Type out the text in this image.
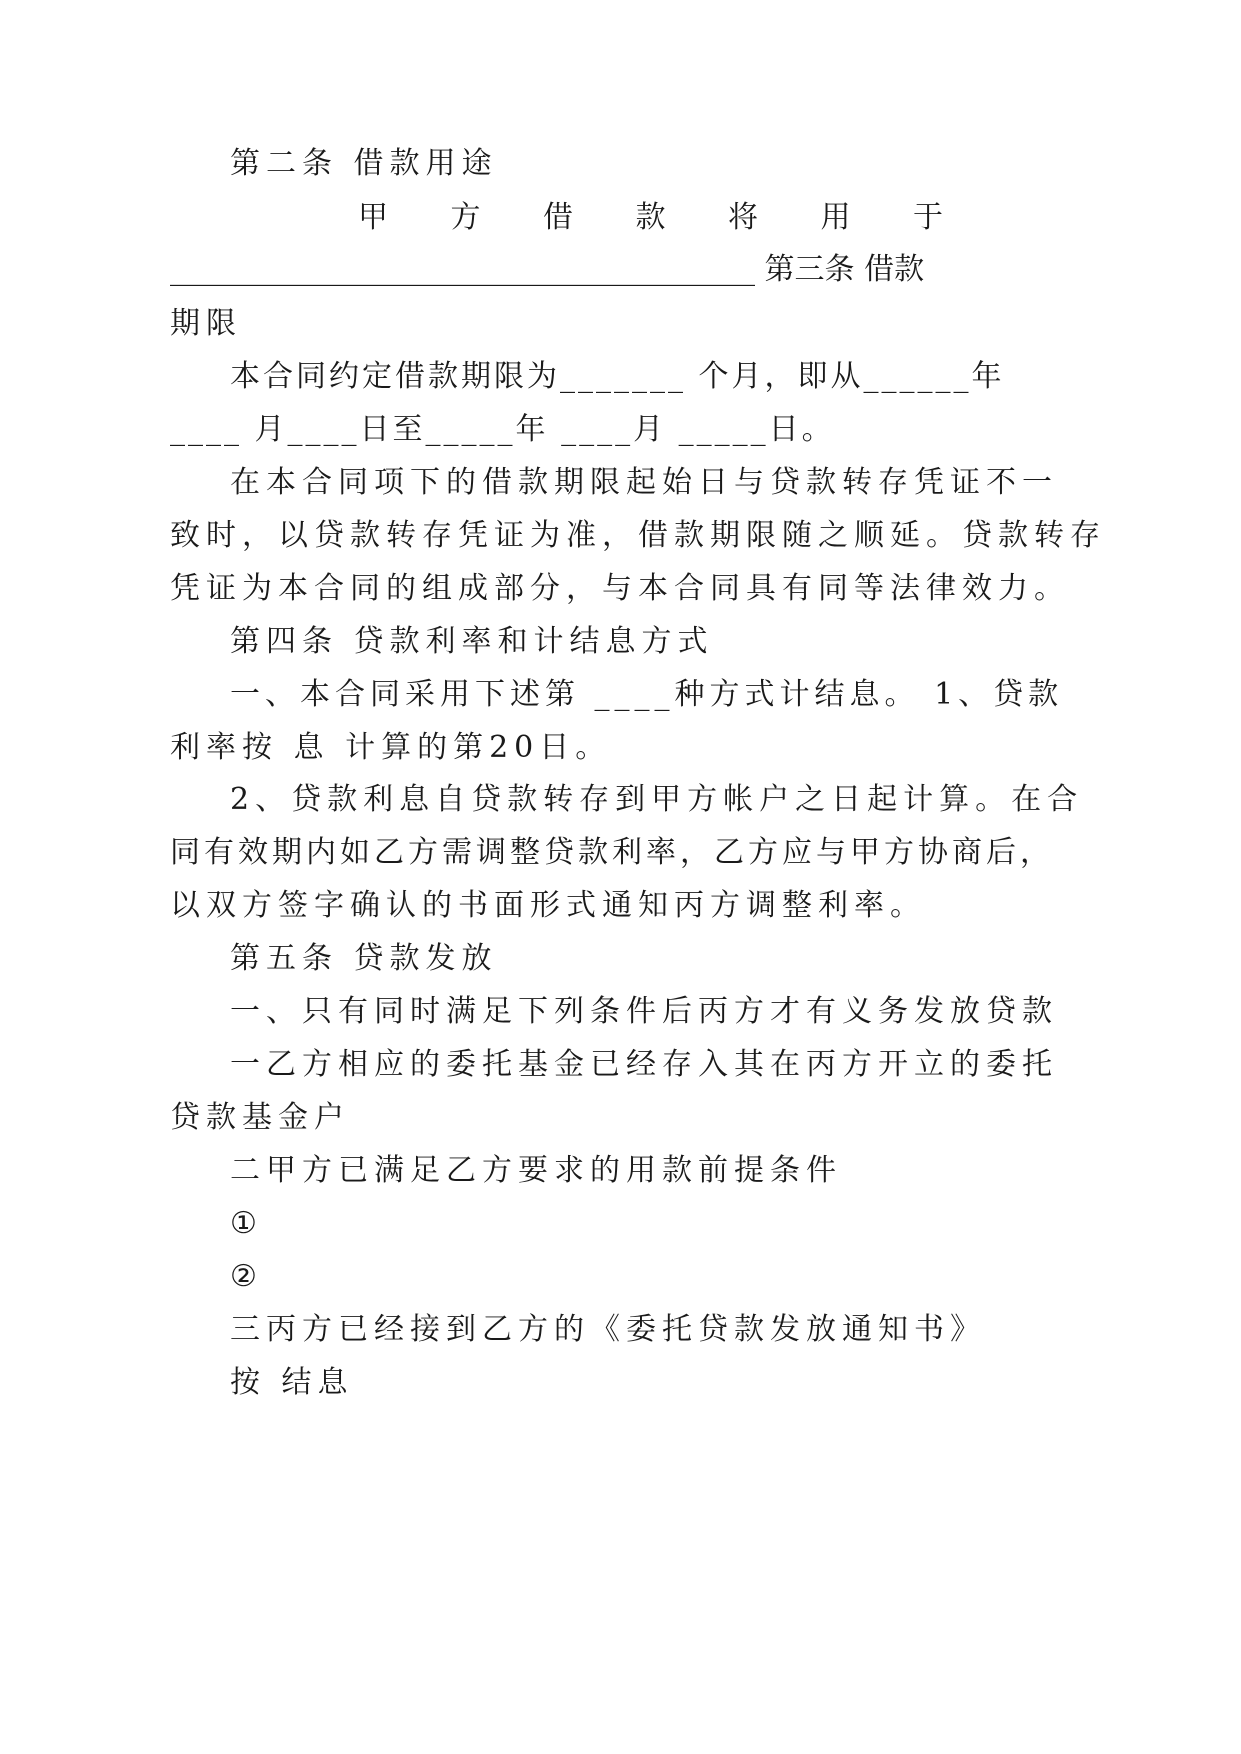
第二条 借款用途
甲 方 借 款 将 用 于
_______________________________________ 第三条 借款
期限
本合同约定借款期限为_______ 个月，即从______年
____ 月____日至_____年 ____月 _____日。
在本合同项下的借款期限起始日与贷款转存凭证不一
致时，以贷款转存凭证为准，借款期限随之顺延。贷款转存
凭证为本合同的组成部分，与本合同具有同等法律效力。
第四条 贷款利率和计结息方式
一、本合同采用下述第 ____种方式计结息。 1、贷款
利率按 息 计算的第20日。
2、贷款利息自贷款转存到甲方帐户之日起计算。在合
同有效期内如乙方需调整贷款利率，乙方应与甲方协商后，
以双方签字确认的书面形式通知丙方调整利率。
第五条 贷款发放
一、只有同时满足下列条件后丙方才有义务发放贷款
一乙方相应的委托基金已经存入其在丙方开立的委托
贷款基金户
二甲方已满足乙方要求的用款前提条件
①
②
三丙方已经接到乙方的《委托贷款发放通知书》
按 结息
